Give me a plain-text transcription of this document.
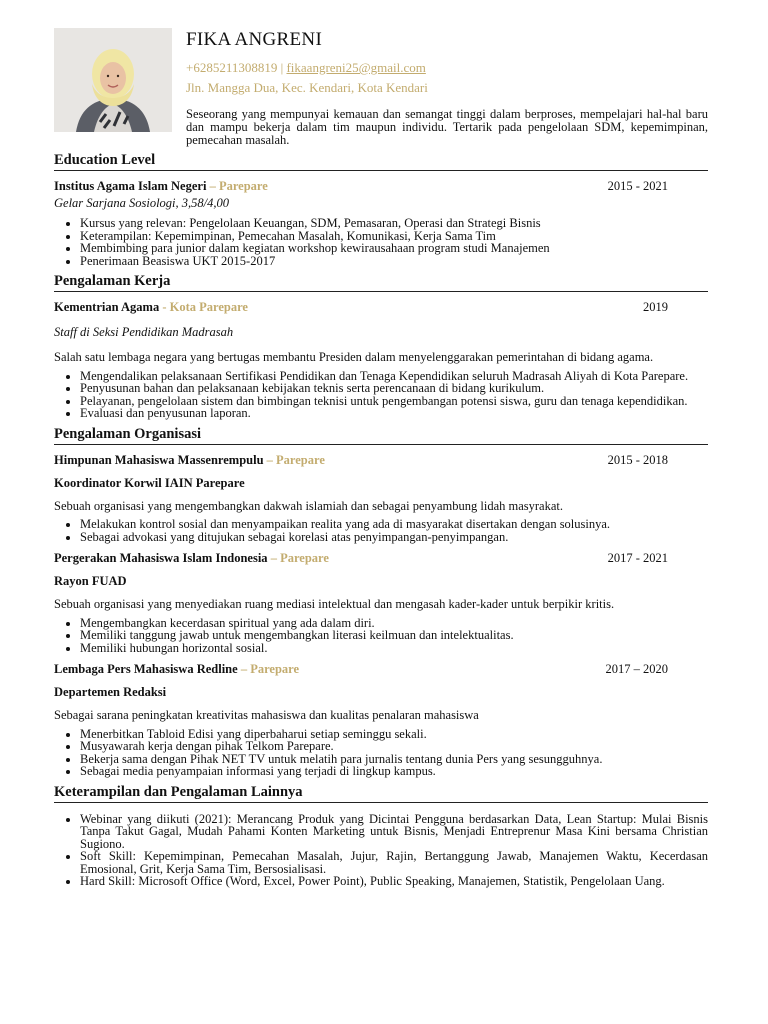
FIKA ANGRENI
+6285211308819 | fikaangreni25@gmail.com
Jln. Mangga Dua, Kec. Kendari, Kota Kendari
Seseorang yang mempunyai kemauan dan semangat tinggi dalam berproses, mempelajari hal-hal baru dan mampu bekerja dalam tim maupun individu. Tertarik pada pengelolaan SDM, kepemimpinan, pemecahan masalah.
Education Level
Institus Agama Islam Negeri – Parepare	2015 - 2021
Gelar Sarjana Sosiologi, 3,58/4,00
• Kursus yang relevan: Pengelolaan Keuangan, SDM, Pemasaran, Operasi dan Strategi Bisnis
• Keterampilan: Kepemimpinan, Pemecahan Masalah, Komunikasi, Kerja Sama Tim
• Membimbing para junior dalam kegiatan workshop kewirausahaan program studi Manajemen
• Penerimaan Beasiswa UKT 2015-2017
Pengalaman Kerja
Kementrian Agama - Kota Parepare	2019
Staff di Seksi Pendidikan Madrasah
Salah satu lembaga negara yang bertugas membantu Presiden dalam menyelenggarakan pemerintahan di bidang agama.
• Mengendalikan pelaksanaan Sertifikasi Pendidikan dan Tenaga Kependidikan seluruh Madrasah Aliyah di Kota Parepare.
• Penyusunan bahan dan pelaksanaan kebijakan teknis serta perencanaan di bidang kurikulum.
• Pelayanan, pengelolaan sistem dan bimbingan teknisi untuk pengembangan potensi siswa, guru dan tenaga kependidikan.
• Evaluasi dan penyusunan laporan.
Pengalaman Organisasi
Himpunan Mahasiswa Massenrempulu – Parepare	2015 - 2018
Koordinator Korwil IAIN Parepare
Sebuah organisasi yang mengembangkan dakwah islamiah dan sebagai penyambung lidah masyrakat.
• Melakukan kontrol sosial dan menyampaikan realita yang ada di masyarakat disertakan dengan solusinya.
• Sebagai advokasi yang ditujukan sebagai korelasi atas penyimpangan-penyimpangan.
Pergerakan Mahasiswa Islam Indonesia – Parepare	2017 - 2021
Rayon FUAD
Sebuah organisasi yang menyediakan ruang mediasi intelektual dan mengasah kader-kader untuk berpikir kritis.
• Mengembangkan kecerdasan spiritual yang ada dalam diri.
• Memiliki tanggung jawab untuk mengembangkan literasi keilmuan dan intelektualitas.
• Memiliki hubungan horizontal sosial.
Lembaga Pers Mahasiswa Redline – Parepare	2017 – 2020
Departemen Redaksi
Sebagai sarana peningkatan kreativitas mahasiswa dan kualitas penalaran mahasiswa
• Menerbitkan Tabloid Edisi yang diperbaharui setiap seminggu sekali.
• Musyawarah kerja dengan pihak Telkom Parepare.
• Bekerja sama dengan Pihak NET TV untuk melatih para jurnalis tentang dunia Pers yang sesungguhnya.
• Sebagai media penyampaian informasi yang terjadi di lingkup kampus.
Keterampilan dan Pengalaman Lainnya
• Webinar yang diikuti (2021): Merancang Produk yang Dicintai Pengguna berdasarkan Data, Lean Startup: Mulai Bisnis Tanpa Takut Gagal, Mudah Pahami Konten Marketing untuk Bisnis, Menjadi Entreprenur Masa Kini bersama Christian Sugiono.
• Soft Skill: Kepemimpinan, Pemecahan Masalah, Jujur, Rajin, Bertanggung Jawab, Manajemen Waktu, Kecerdasan Emosional, Grit, Kerja Sama Tim, Bersosialisasi.
• Hard Skill: Microsoft Office (Word, Excel, Power Point), Public Speaking, Manajemen, Statistik, Pengelolaan Uang.
